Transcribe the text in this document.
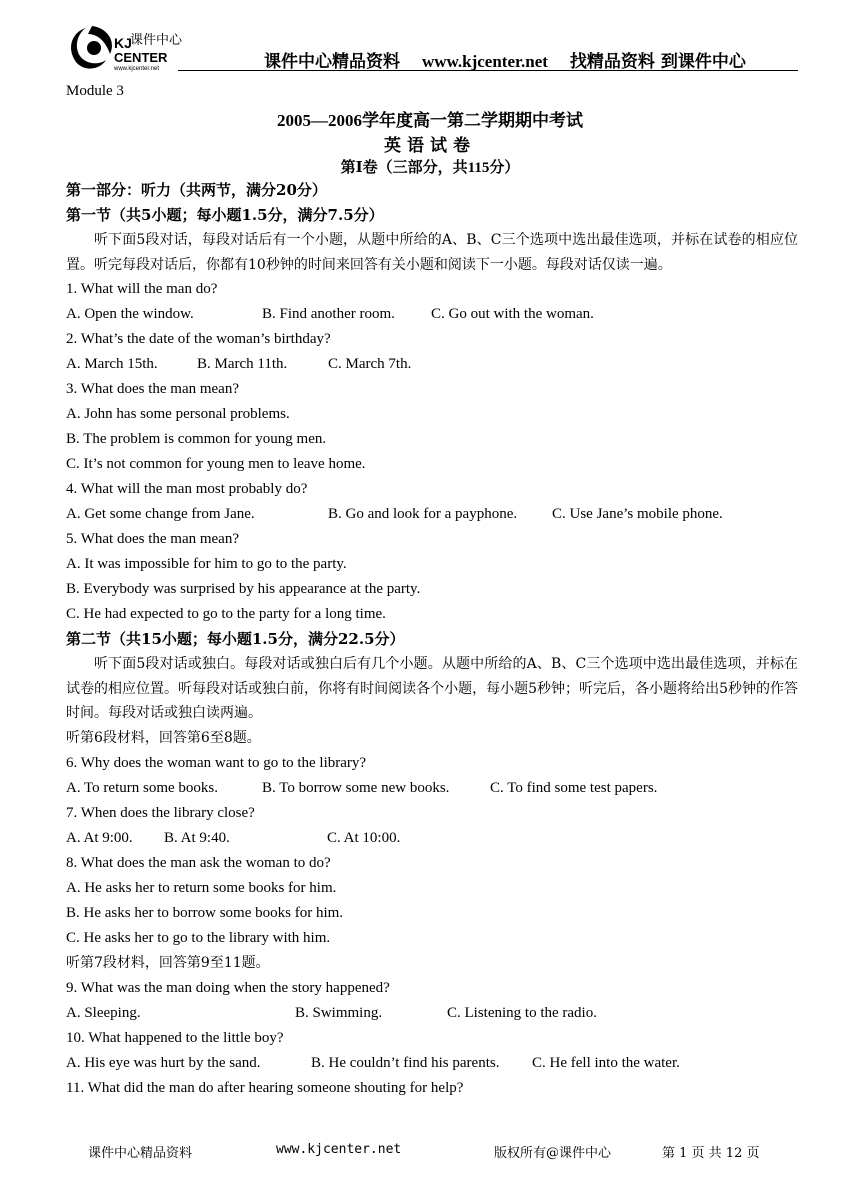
KJ
课件中心
CENTER
www.kjcenter.net	课件中心精品资料 www.kjcenter.net 找精品资料 到课件中心
Module 3
2005—2006学年度高一第二学期期中考试
英语试卷
第Ⅰ卷（三部分，共115分）
第一部分：听力（共两节，满分20分）
第一节（共5小题；每小题1.5分，满分7.5分）
听下面5段对话，每段对话后有一个小题，从题中所给的A、B、C三个选项中选出最佳选项，并标在试卷的相应位置。听完每段对话后，你都有10秒钟的时间来回答有关小题和阅读下一小题。每段对话仅读一遍。
1. What will the man do?
A. Open the window.	B. Find another room. C. Go out with the woman.
2. What’s the date of the woman’s birthday?
A. March 15th.	B. March 11th.	C. March 7th.
3. What does the man mean?
A. John has some personal problems.
B. The problem is common for young men.
C. It’s not common for young men to leave home.
4. What will the man most probably do?
A. Get some change from Jane.	B. Go and look for a payphone. C. Use Jane’s mobile phone.
5. What does the man mean?
A. It was impossible for him to go to the party.
B. Everybody was surprised by his appearance at the party.
C. He had expected to go to the party for a long time.
第二节（共15小题；每小题1.5分，满分22.5分）
听下面5段对话或独白。每段对话或独白后有几个小题。从题中所给的A、B、C三个选项中选出最佳选项，并标在试卷的相应位置。听每段对话或独白前，你将有时间阅读各个小题，每小题5秒钟；听完后，各小题将给出5秒钟的作答时间。每段对话或独白读两遍。
听第6段材料，回答第6至8题。
6. Why does the woman want to go to the library?
A. To return some books.	B. To borrow some new books.	C. To find some test papers.
7. When does the library close?
A. At 9:00. B. At 9:40.	C. At 10:00.
8. What does the man ask the woman to do?
A. He asks her to return some books for him.
B. He asks her to borrow some books for him.
C. He asks her to go to the library with him.
听第7段材料，回答第9至11题。
9. What was the man doing when the story happened?
A. Sleeping.	B. Swimming.	C. Listening to the radio.
10. What happened to the little boy?
A. His eye was hurt by the sand.	B. He couldn’t find his parents. C. He fell into the water.
11. What did the man do after hearing someone shouting for help?
课件中心精品资料	www.kjcenter.net	版权所有@课件中心	第 1 页 共 12 页
